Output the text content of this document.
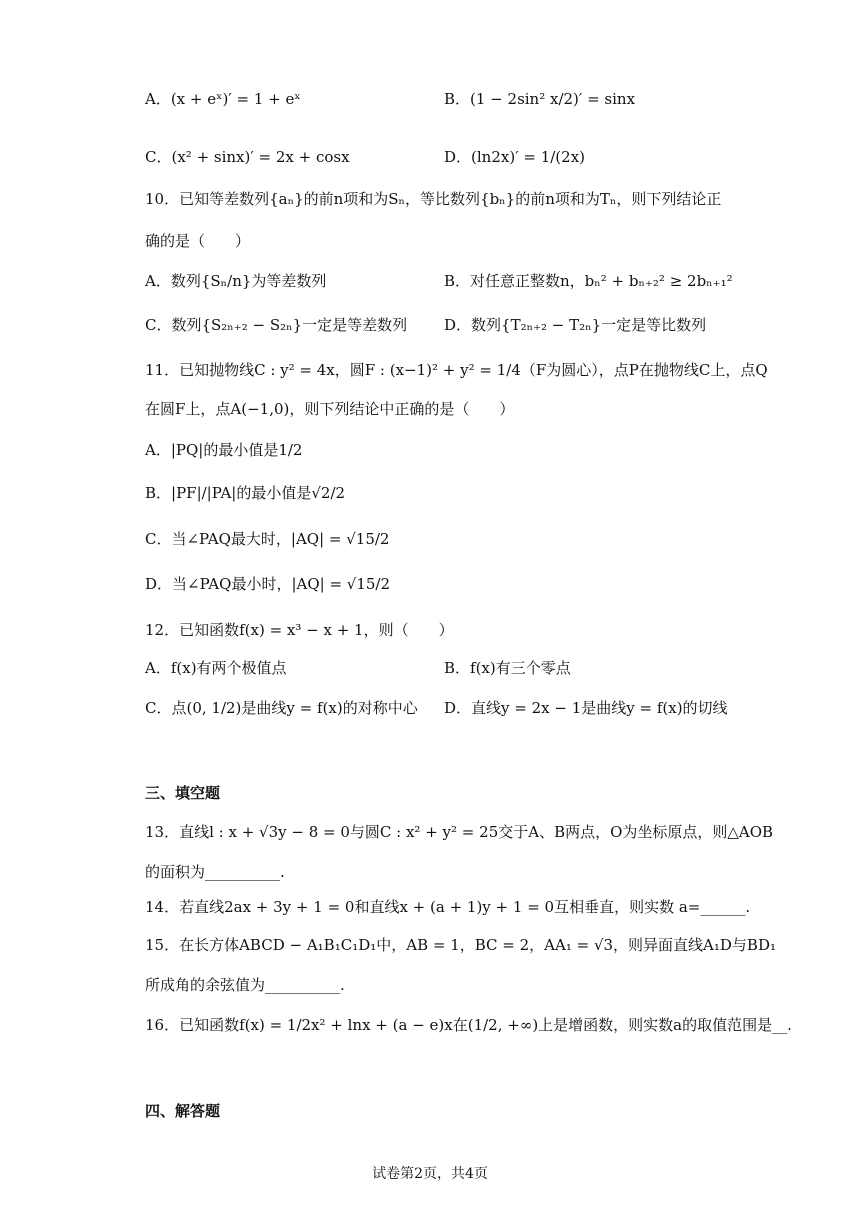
A．(x + eˣ)′ = 1 + eˣ	B．(1 − 2sin² x/2)′ = sinx
C．(x² + sinx)′ = 2x + cosx	D．(ln2x)′ = 1/(2x)
10．已知等差数列{aₙ}的前n项和为Sₙ，等比数列{bₙ}的前n项和为Tₙ，则下列结论正
确的是（　　）
A．数列{Sₙ/n}为等差数列	B．对任意正整数n，bₙ² + bₙ₊₂² ≥ 2bₙ₊₁²
C．数列{S₂ₙ₊₂ − S₂ₙ}一定是等差数列 D．数列{T₂ₙ₊₂ − T₂ₙ}一定是等比数列
11．已知抛物线C : y² = 4x，圆F : (x−1)² + y² = 1/4（F为圆心），点P在抛物线C上，点Q
在圆F上，点A(−1,0)，则下列结论中正确的是（　　）
A．|PQ|的最小值是1/2
B．|PF|/|PA|的最小值是√2/2
C．当∠PAQ最大时，|AQ| = √15/2
D．当∠PAQ最小时，|AQ| = √15/2
12．已知函数f(x) = x³ − x + 1，则（　　）
A．f(x)有两个极值点	B．f(x)有三个零点
C．点(0, 1/2)是曲线y = f(x)的对称中心 D．直线y = 2x − 1是曲线y = f(x)的切线
三、填空题
13．直线l : x + √3y − 8 = 0与圆C : x² + y² = 25交于A、B两点，O为坐标原点，则△AOB
的面积为__________.
14．若直线2ax + 3y + 1 = 0和直线x + (a + 1)y + 1 = 0互相垂直，则实数 a=______.
15．在长方体ABCD − A₁B₁C₁D₁中，AB = 1，BC = 2，AA₁ = √3，则异面直线A₁D与BD₁
所成角的余弦值为__________.
16．已知函数f(x) = 1/2x² + lnx + (a − e)x在(1/2, +∞)上是增函数，则实数a的取值范围是__.
四、解答题
试卷第2页，共4页
